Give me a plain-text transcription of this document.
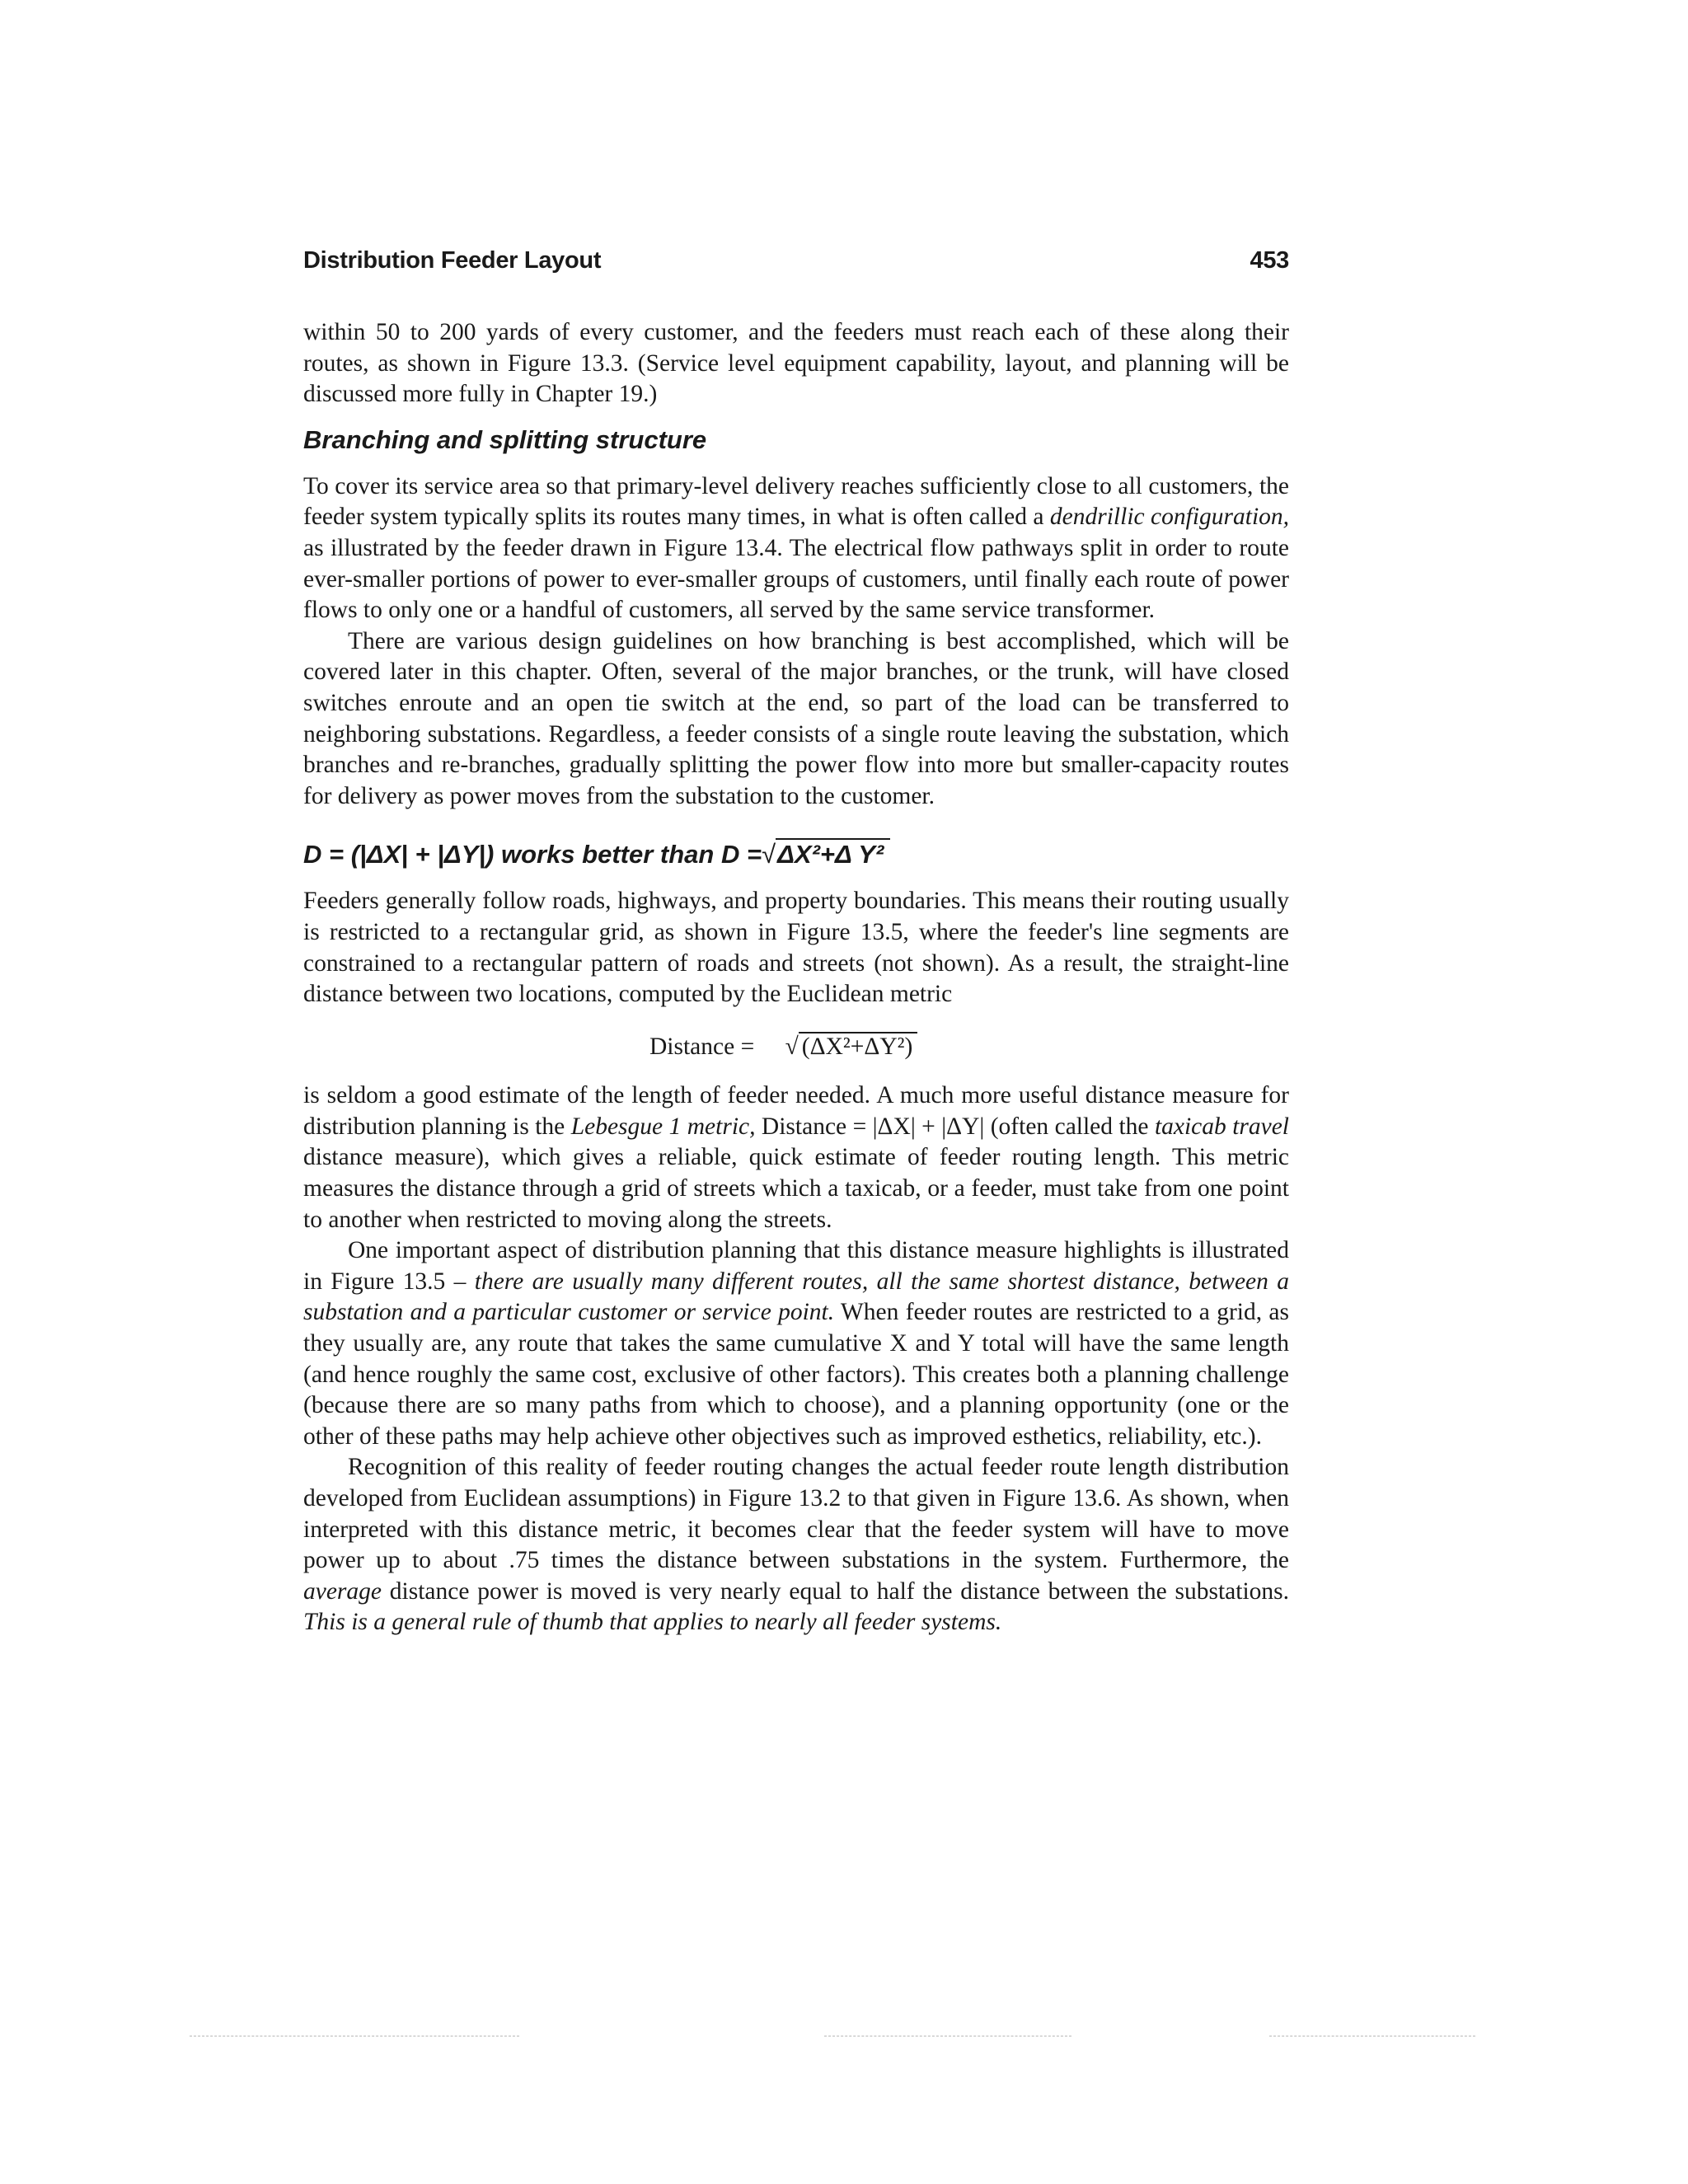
Distribution Feeder Layout	453

within 50 to 200 yards of every customer, and the feeders must reach each of these along their routes, as shown in Figure 13.3. (Service level equipment capability, layout, and planning will be discussed more fully in Chapter 19.)

Branching and splitting structure

To cover its service area so that primary-level delivery reaches sufficiently close to all customers, the feeder system typically splits its routes many times, in what is often called a dendrillic configuration, as illustrated by the feeder drawn in Figure 13.4. The electrical flow pathways split in order to route ever-smaller portions of power to ever-smaller groups of customers, until finally each route of power flows to only one or a handful of customers, all served by the same service transformer.

There are various design guidelines on how branching is best accomplished, which will be covered later in this chapter. Often, several of the major branches, or the trunk, will have closed switches enroute and an open tie switch at the end, so part of the load can be transferred to neighboring substations. Regardless, a feeder consists of a single route leaving the substation, which branches and re-branches, gradually splitting the power flow into more but smaller-capacity routes for delivery as power moves from the substation to the customer.

D = (|ΔX| + |ΔY|) works better than D =√ΔX²+Δ Y²

Feeders generally follow roads, highways, and property boundaries. This means their routing usually is restricted to a rectangular grid, as shown in Figure 13.5, where the feeder's line segments are constrained to a rectangular pattern of roads and streets (not shown). As a result, the straight-line distance between two locations, computed by the Euclidean metric

Distance = √ (ΔX²+ΔY²)

is seldom a good estimate of the length of feeder needed. A much more useful distance measure for distribution planning is the Lebesgue 1 metric, Distance = |ΔX| + |ΔY| (often called the taxicab travel distance measure), which gives a reliable, quick estimate of feeder routing length. This metric measures the distance through a grid of streets which a taxicab, or a feeder, must take from one point to another when restricted to moving along the streets.

One important aspect of distribution planning that this distance measure highlights is illustrated in Figure 13.5 – there are usually many different routes, all the same shortest distance, between a substation and a particular customer or service point. When feeder routes are restricted to a grid, as they usually are, any route that takes the same cumulative X and Y total will have the same length (and hence roughly the same cost, exclusive of other factors). This creates both a planning challenge (because there are so many paths from which to choose), and a planning opportunity (one or the other of these paths may help achieve other objectives such as improved esthetics, reliability, etc.).

Recognition of this reality of feeder routing changes the actual feeder route length distribution developed from Euclidean assumptions) in Figure 13.2 to that given in Figure 13.6. As shown, when interpreted with this distance metric, it becomes clear that the feeder system will have to move power up to about .75 times the distance between substations in the system. Furthermore, the average distance power is moved is very nearly equal to half the distance between the substations. This is a general rule of thumb that applies to nearly all feeder systems.
